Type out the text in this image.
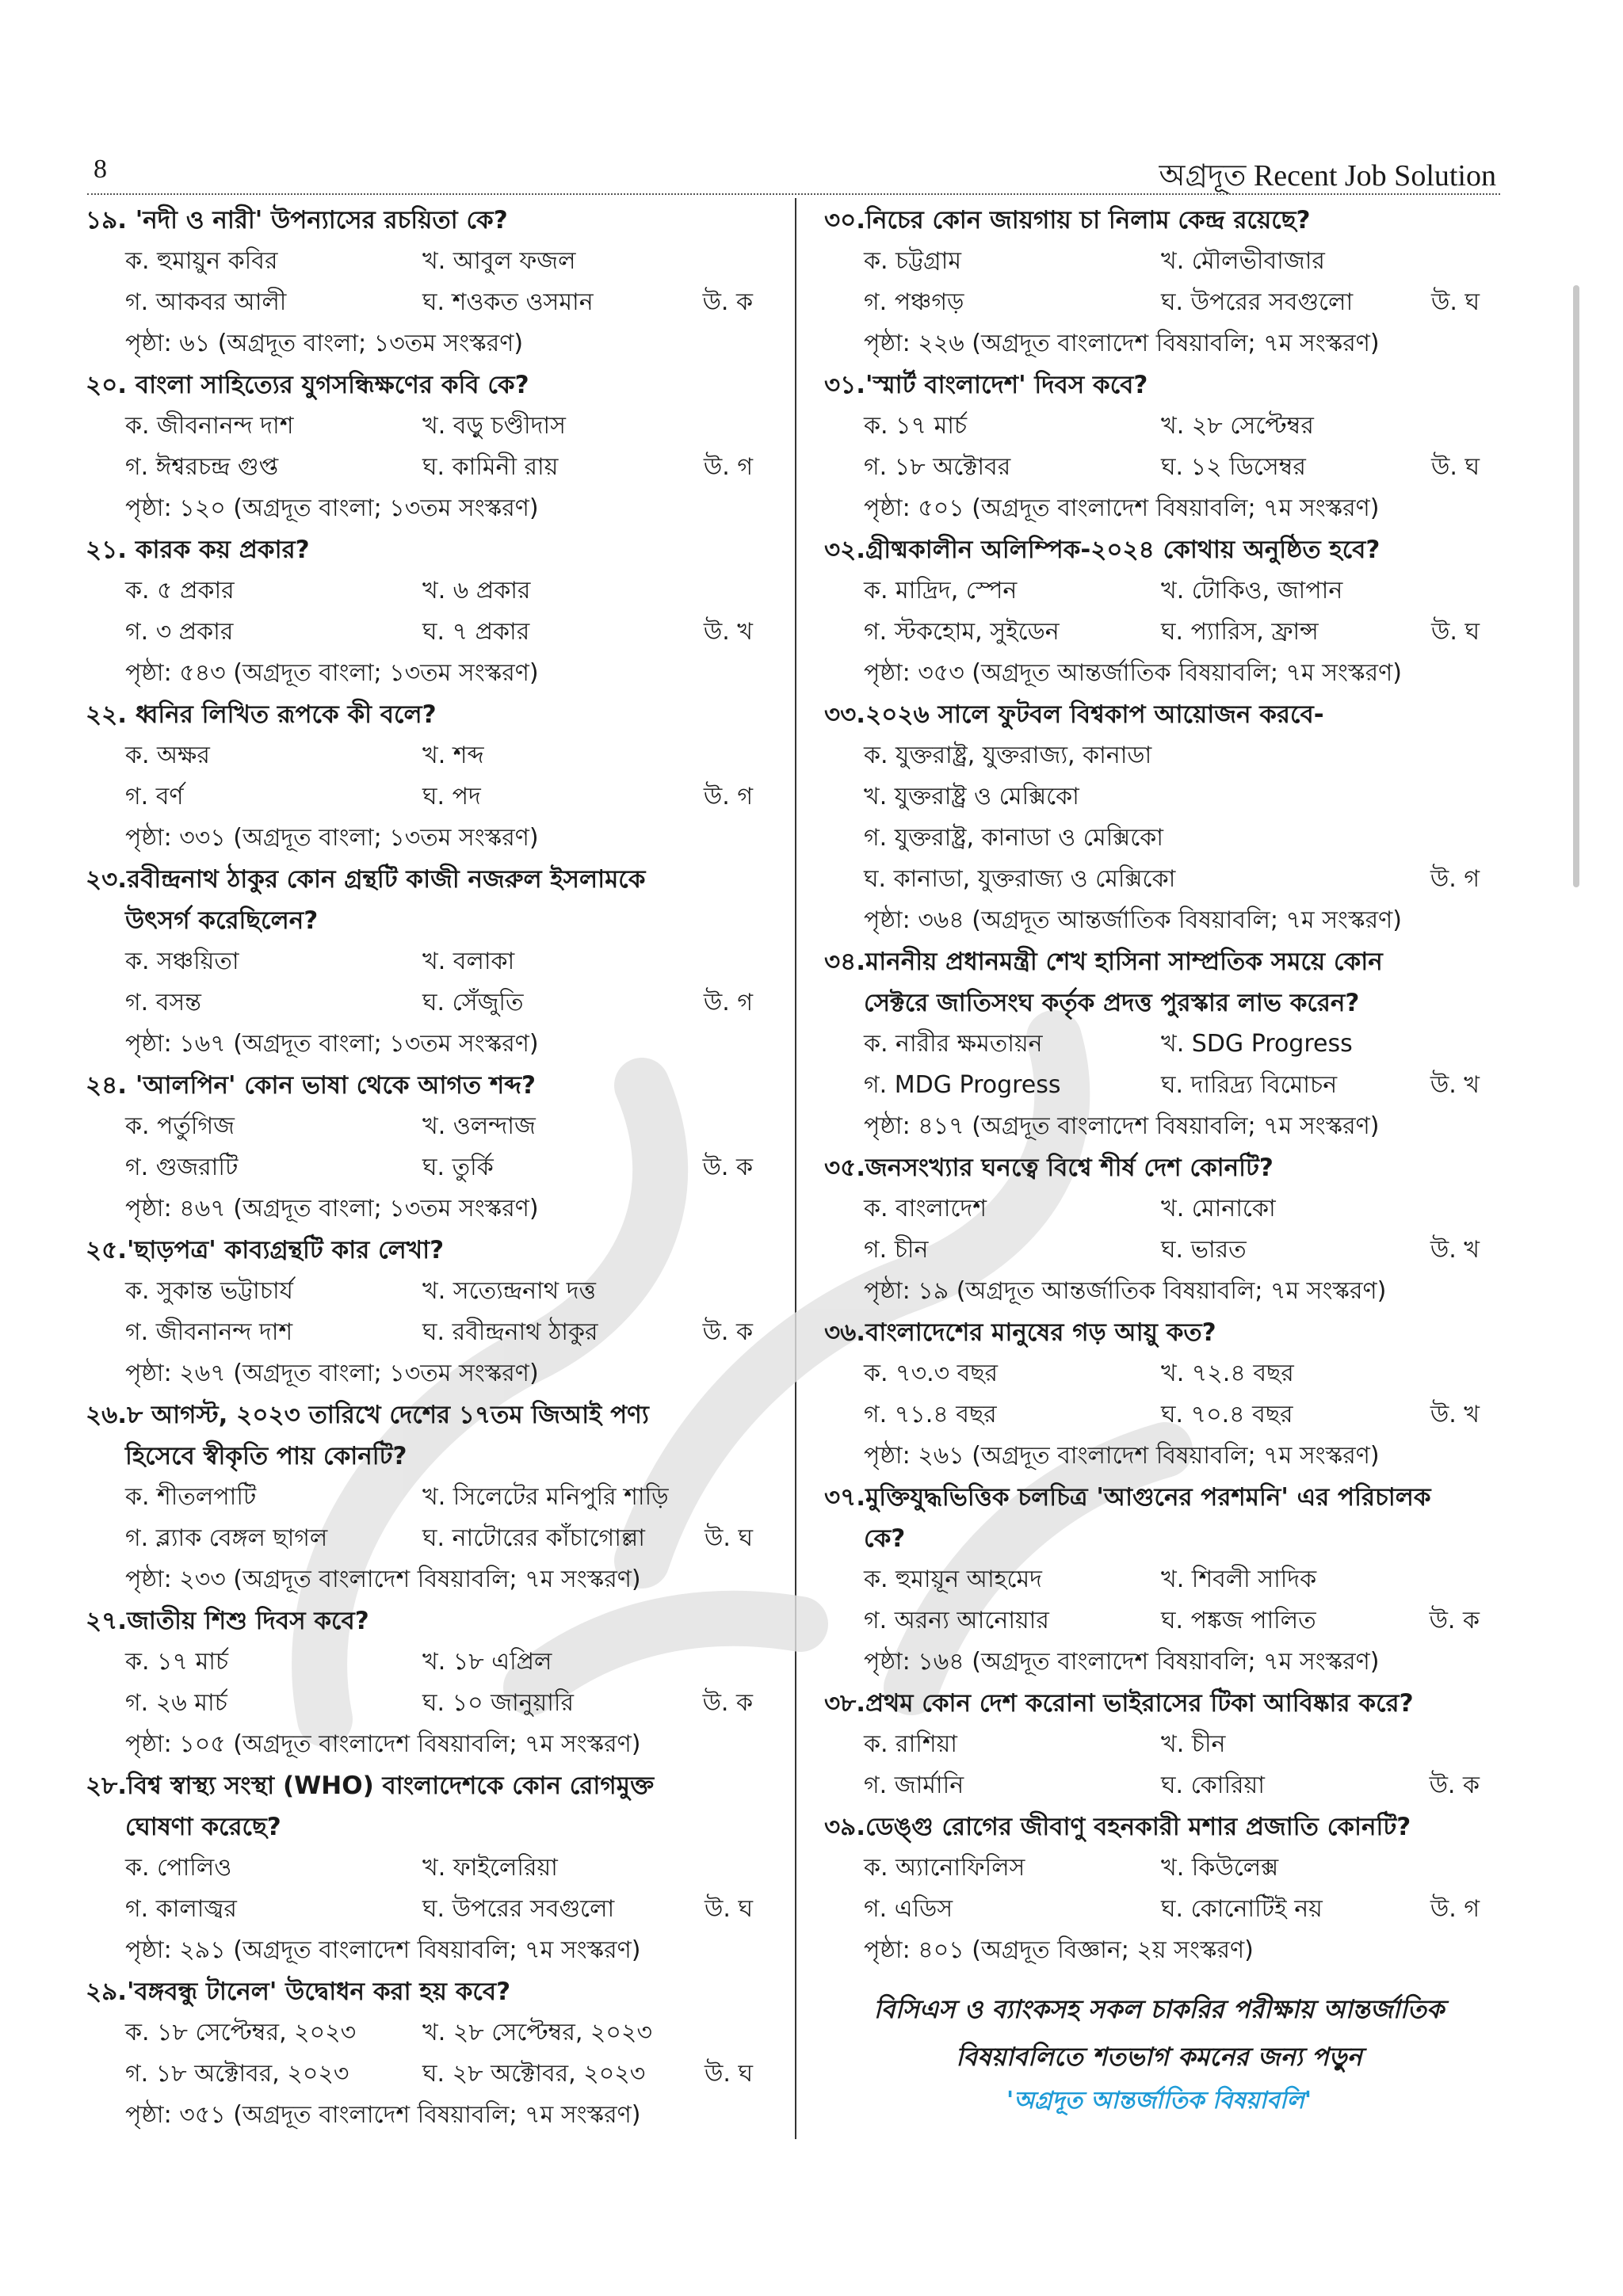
8	অগ্রদূত Recent Job Solution
১৯. 'নদী ও নারী' উপন্যাসের রচয়িতা কে?
ক. হুমায়ুন কবির	খ. আবুল ফজল
গ. আকবর আলী	ঘ. শওকত ওসমান	উ. ক
পৃষ্ঠা: ৬১ (অগ্রদূত বাংলা; ১৩তম সংস্করণ)
২০. বাংলা সাহিত্যের যুগসন্ধিক্ষণের কবি কে?
ক. জীবনানন্দ দাশ	খ. বড়ু চণ্ডীদাস
গ. ঈশ্বরচন্দ্র গুপ্ত	ঘ. কামিনী রায়	উ. গ
পৃষ্ঠা: ১২০ (অগ্রদূত বাংলা; ১৩তম সংস্করণ)
২১. কারক কয় প্রকার?
ক. ৫ প্রকার	খ. ৬ প্রকার
গ. ৩ প্রকার	ঘ. ৭ প্রকার	উ. খ
পৃষ্ঠা: ৫৪৩ (অগ্রদূত বাংলা; ১৩তম সংস্করণ)
২২. ধ্বনির লিখিত রূপকে কী বলে?
ক. অক্ষর	খ. শব্দ
গ. বর্ণ	ঘ. পদ	উ. গ
পৃষ্ঠা: ৩৩১ (অগ্রদূত বাংলা; ১৩তম সংস্করণ)
২৩.রবীন্দ্রনাথ ঠাকুর কোন গ্রন্থটি কাজী নজরুল ইসলামকে
উৎসর্গ করেছিলেন?
ক. সঞ্চয়িতা	খ. বলাকা
গ. বসন্ত	ঘ. সেঁজুতি	উ. গ
পৃষ্ঠা: ১৬৭ (অগ্রদূত বাংলা; ১৩তম সংস্করণ)
২৪. 'আলপিন' কোন ভাষা থেকে আগত শব্দ?
ক. পর্তুগিজ	খ. ওলন্দাজ
গ. গুজরাটি	ঘ. তুর্কি	উ. ক
পৃষ্ঠা: ৪৬৭ (অগ্রদূত বাংলা; ১৩তম সংস্করণ)
২৫.'ছাড়পত্র' কাব্যগ্রন্থটি কার লেখা?
ক. সুকান্ত ভট্টাচার্য	খ. সত্যেন্দ্রনাথ দত্ত
গ. জীবনানন্দ দাশ	ঘ. রবীন্দ্রনাথ ঠাকুর	উ. ক
পৃষ্ঠা: ২৬৭ (অগ্রদূত বাংলা; ১৩তম সংস্করণ)
২৬.৮ আগস্ট, ২০২৩ তারিখে দেশের ১৭তম জিআই পণ্য
হিসেবে স্বীকৃতি পায় কোনটি?
ক. শীতলপাটি	খ. সিলেটের মনিপুরি শাড়ি
গ. ব্ল্যাক বেঙ্গল ছাগল	ঘ. নাটোরের কাঁচাগোল্লা	উ. ঘ
পৃষ্ঠা: ২৩৩ (অগ্রদূত বাংলাদেশ বিষয়াবলি; ৭ম সংস্করণ)
২৭.জাতীয় শিশু দিবস কবে?
ক. ১৭ মার্চ	খ. ১৮ এপ্রিল
গ. ২৬ মার্চ	ঘ. ১০ জানুয়ারি	উ. ক
পৃষ্ঠা: ১০৫ (অগ্রদূত বাংলাদেশ বিষয়াবলি; ৭ম সংস্করণ)
২৮.বিশ্ব স্বাস্থ্য সংস্থা (WHO) বাংলাদেশকে কোন রোগমুক্ত
ঘোষণা করেছে?
ক. পোলিও	খ. ফাইলেরিয়া
গ. কালাজ্বর	ঘ. উপরের সবগুলো	উ. ঘ
পৃষ্ঠা: ২৯১ (অগ্রদূত বাংলাদেশ বিষয়াবলি; ৭ম সংস্করণ)
২৯.'বঙ্গবন্ধু টানেল' উদ্বোধন করা হয় কবে?
ক. ১৮ সেপ্টেম্বর, ২০২৩	খ. ২৮ সেপ্টেম্বর, ২০২৩
গ. ১৮ অক্টোবর, ২০২৩	ঘ. ২৮ অক্টোবর, ২০২৩ উ. ঘ
পৃষ্ঠা: ৩৫১ (অগ্রদূত বাংলাদেশ বিষয়াবলি; ৭ম সংস্করণ)
৩০.নিচের কোন জায়গায় চা নিলাম কেন্দ্র রয়েছে?
ক. চট্টগ্রাম	খ. মৌলভীবাজার
গ. পঞ্চগড়	ঘ. উপরের সবগুলো	উ. ঘ
পৃষ্ঠা: ২২৬ (অগ্রদূত বাংলাদেশ বিষয়াবলি; ৭ম সংস্করণ)
৩১.'স্মার্ট বাংলাদেশ' দিবস কবে?
ক. ১৭ মার্চ	খ. ২৮ সেপ্টেম্বর
গ. ১৮ অক্টোবর	ঘ. ১২ ডিসেম্বর	উ. ঘ
পৃষ্ঠা: ৫০১ (অগ্রদূত বাংলাদেশ বিষয়াবলি; ৭ম সংস্করণ)
৩২.গ্রীষ্মকালীন অলিম্পিক-২০২৪ কোথায় অনুষ্ঠিত হবে?
ক. মাদ্রিদ, স্পেন	খ. টোকিও, জাপান
গ. স্টকহোম, সুইডেন	ঘ. প্যারিস, ফ্রান্স	উ. ঘ
পৃষ্ঠা: ৩৫৩ (অগ্রদূত আন্তর্জাতিক বিষয়াবলি; ৭ম সংস্করণ)
৩৩.২০২৬ সালে ফুটবল বিশ্বকাপ আয়োজন করবে-
ক. যুক্তরাষ্ট্র, যুক্তরাজ্য, কানাডা
খ. যুক্তরাষ্ট্র ও মেক্সিকো
গ. যুক্তরাষ্ট্র, কানাডা ও মেক্সিকো
ঘ. কানাডা, যুক্তরাজ্য ও মেক্সিকো	উ. গ
পৃষ্ঠা: ৩৬৪ (অগ্রদূত আন্তর্জাতিক বিষয়াবলি; ৭ম সংস্করণ)
৩৪.মাননীয় প্রধানমন্ত্রী শেখ হাসিনা সাম্প্রতিক সময়ে কোন
সেক্টরে জাতিসংঘ কর্তৃক প্রদত্ত পুরস্কার লাভ করেন?
ক. নারীর ক্ষমতায়ন	খ. SDG Progress
গ. MDG Progress	ঘ. দারিদ্র্য বিমোচন	উ. খ
পৃষ্ঠা: ৪১৭ (অগ্রদূত বাংলাদেশ বিষয়াবলি; ৭ম সংস্করণ)
৩৫.জনসংখ্যার ঘনত্বে বিশ্বে শীর্ষ দেশ কোনটি?
ক. বাংলাদেশ	খ. মোনাকো
গ. চীন	ঘ. ভারত	উ. খ
পৃষ্ঠা: ১৯ (অগ্রদূত আন্তর্জাতিক বিষয়াবলি; ৭ম সংস্করণ)
৩৬.বাংলাদেশের মানুষের গড় আয়ু কত?
ক. ৭৩.৩ বছর	খ. ৭২.৪ বছর
গ. ৭১.৪ বছর	ঘ. ৭০.৪ বছর	উ. খ
পৃষ্ঠা: ২৬১ (অগ্রদূত বাংলাদেশ বিষয়াবলি; ৭ম সংস্করণ)
৩৭.মুক্তিযুদ্ধভিত্তিক চলচিত্র 'আগুনের পরশমনি' এর পরিচালক
কে?
ক. হুমায়ূন আহমেদ	খ. শিবলী সাদিক
গ. অরন্য আনোয়ার	ঘ. পঙ্কজ পালিত	উ. ক
পৃষ্ঠা: ১৬৪ (অগ্রদূত বাংলাদেশ বিষয়াবলি; ৭ম সংস্করণ)
৩৮.প্রথম কোন দেশ করোনা ভাইরাসের টিকা আবিষ্কার করে?
ক. রাশিয়া	খ. চীন
গ. জার্মানি	ঘ. কোরিয়া	উ. ক
৩৯.ডেঙ্গু রোগের জীবাণু বহনকারী মশার প্রজাতি কোনটি?
ক. অ্যানোফিলিস	খ. কিউলেক্স
গ. এডিস	ঘ. কোনোটিই নয়	উ. গ
পৃষ্ঠা: ৪০১ (অগ্রদূত বিজ্ঞান; ২য় সংস্করণ)
বিসিএস ও ব্যাংকসহ সকল চাকরির পরীক্ষায় আন্তর্জাতিক
বিষয়াবলিতে শতভাগ কমনের জন্য পড়ুন
'অগ্রদূত আন্তর্জাতিক বিষয়াবলি'
